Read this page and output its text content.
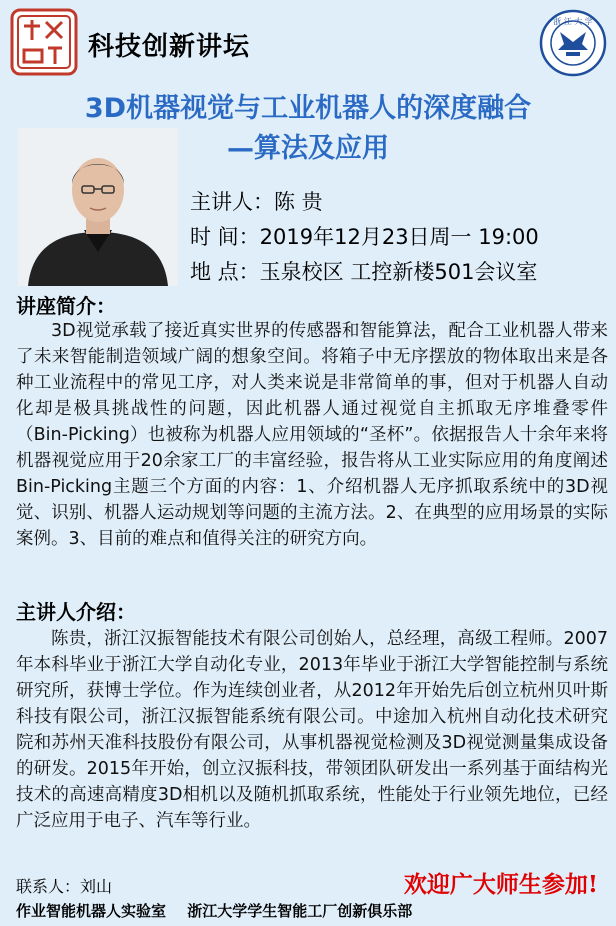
科技创新讲坛
浙 江 大 学
3D机器视觉与工业机器人的深度融合
—算法及应用
主讲人：陈 贵
时 间：2019年12月23日周一 19:00
地 点：玉泉校区 工控新楼501会议室
讲座简介：

3D视觉承载了接近真实世界的传感器和智能算法，配合工业机器人带来了未来智能制造领域广阔的想象空间。将箱子中无序摆放的物体取出来是各种工业流程中的常见工序，对人类来说是非常简单的事，但对于机器人自动化却是极具挑战性的问题，因此机器人通过视觉自主抓取无序堆叠零件（Bin-Picking）也被称为机器人应用领域的“圣杯”。依据报告人十余年来将机器视觉应用于20余家工厂的丰富经验，报告将从工业实际应用的角度阐述Bin-Picking主题三个方面的内容：1、介绍机器人无序抓取系统中的3D视觉、识别、机器人运动规划等问题的主流方法。2、在典型的应用场景的实际案例。3、目前的难点和值得关注的研究方向。

主讲人介绍：

陈贵，浙江汉振智能技术有限公司创始人，总经理，高级工程师。2007年本科毕业于浙江大学自动化专业，2013年毕业于浙江大学智能控制与系统研究所，获博士学位。作为连续创业者，从2012年开始先后创立杭州贝叶斯科技有限公司，浙江汉振智能系统有限公司。中途加入杭州自动化技术研究院和苏州天准科技股份有限公司，从事机器视觉检测及3D视觉测量集成设备的研发。2015年开始，创立汉振科技，带领团队研发出一系列基于面结构光技术的高速高精度3D相机以及随机抓取系统，性能处于行业领先地位，已经广泛应用于电子、汽车等行业。

联系人：刘山	欢迎广大师生参加!
作业智能机器人实验室 浙江大学学生智能工厂创新俱乐部
